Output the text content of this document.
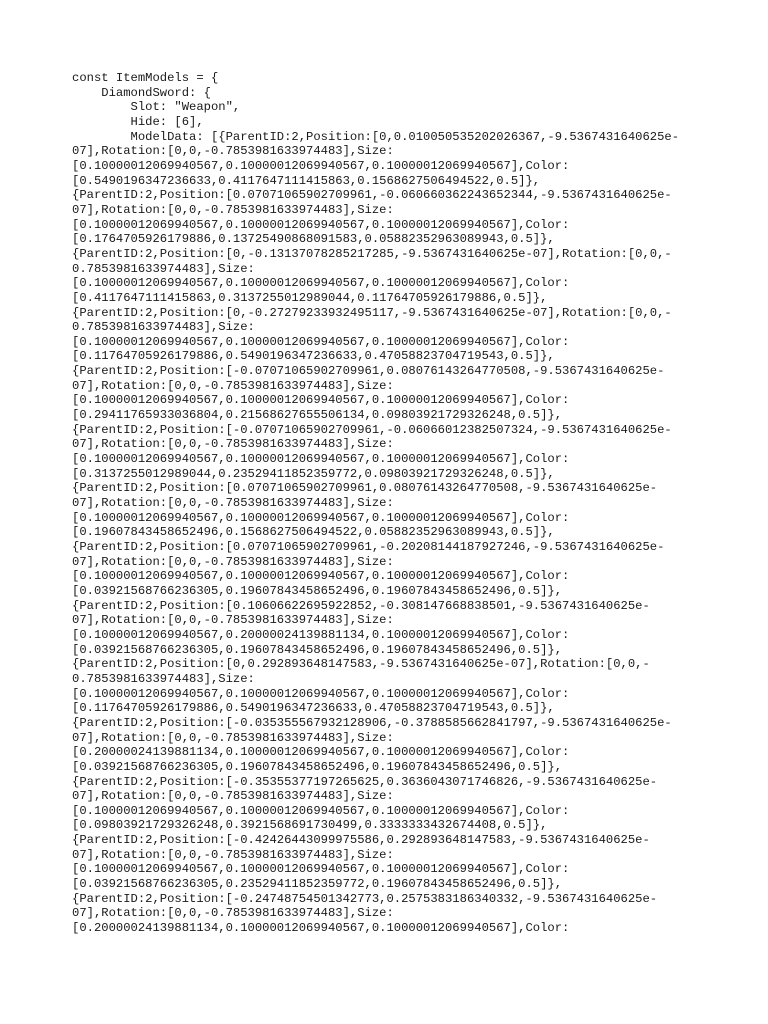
const ItemModels = {
DiamondSword: {
Slot: "Weapon",
Hide: [6],
ModelData: [{ParentID:2,Position:[0,0.010050535202026367,-9.5367431640625e-
07],Rotation:[0,0,-0.7853981633974483],Size:
[0.10000012069940567,0.10000012069940567,0.10000012069940567],Color:
[0.5490196347236633,0.4117647111415863,0.1568627506494522,0.5]},
{ParentID:2,Position:[0.07071065902709961,-0.060660362243652344,-9.5367431640625e-
07],Rotation:[0,0,-0.7853981633974483],Size:
[0.10000012069940567,0.10000012069940567,0.10000012069940567],Color:
[0.1764705926179886,0.13725490868091583,0.05882352963089943,0.5]},
{ParentID:2,Position:[0,-0.13137078285217285,-9.5367431640625e-07],Rotation:[0,0,-
0.7853981633974483],Size:
[0.10000012069940567,0.10000012069940567,0.10000012069940567],Color:
[0.4117647111415863,0.3137255012989044,0.11764705926179886,0.5]},
{ParentID:2,Position:[0,-0.27279233932495117,-9.5367431640625e-07],Rotation:[0,0,-
0.7853981633974483],Size:
[0.10000012069940567,0.10000012069940567,0.10000012069940567],Color:
[0.11764705926179886,0.5490196347236633,0.47058823704719543,0.5]},
{ParentID:2,Position:[-0.07071065902709961,0.08076143264770508,-9.5367431640625e-
07],Rotation:[0,0,-0.7853981633974483],Size:
[0.10000012069940567,0.10000012069940567,0.10000012069940567],Color:
[0.29411765933036804,0.21568627655506134,0.09803921729326248,0.5]},
{ParentID:2,Position:[-0.07071065902709961,-0.06066012382507324,-9.5367431640625e-
07],Rotation:[0,0,-0.7853981633974483],Size:
[0.10000012069940567,0.10000012069940567,0.10000012069940567],Color:
[0.3137255012989044,0.23529411852359772,0.09803921729326248,0.5]},
{ParentID:2,Position:[0.07071065902709961,0.08076143264770508,-9.5367431640625e-
07],Rotation:[0,0,-0.7853981633974483],Size:
[0.10000012069940567,0.10000012069940567,0.10000012069940567],Color:
[0.19607843458652496,0.1568627506494522,0.05882352963089943,0.5]},
{ParentID:2,Position:[0.07071065902709961,-0.20208144187927246,-9.5367431640625e-
07],Rotation:[0,0,-0.7853981633974483],Size:
[0.10000012069940567,0.10000012069940567,0.10000012069940567],Color:
[0.03921568766236305,0.19607843458652496,0.19607843458652496,0.5]},
{ParentID:2,Position:[0.10606622695922852,-0.308147668838501,-9.5367431640625e-
07],Rotation:[0,0,-0.7853981633974483],Size:
[0.10000012069940567,0.20000024139881134,0.10000012069940567],Color:
[0.03921568766236305,0.19607843458652496,0.19607843458652496,0.5]},
{ParentID:2,Position:[0,0.292893648147583,-9.5367431640625e-07],Rotation:[0,0,-
0.7853981633974483],Size:
[0.10000012069940567,0.10000012069940567,0.10000012069940567],Color:
[0.11764705926179886,0.5490196347236633,0.47058823704719543,0.5]},
{ParentID:2,Position:[-0.035355567932128906,-0.3788585662841797,-9.5367431640625e-
07],Rotation:[0,0,-0.7853981633974483],Size:
[0.20000024139881134,0.10000012069940567,0.10000012069940567],Color:
[0.03921568766236305,0.19607843458652496,0.19607843458652496,0.5]},
{ParentID:2,Position:[-0.35355377197265625,0.3636043071746826,-9.5367431640625e-
07],Rotation:[0,0,-0.7853981633974483],Size:
[0.10000012069940567,0.10000012069940567,0.10000012069940567],Color:
[0.09803921729326248,0.3921568691730499,0.3333333432674408,0.5]},
{ParentID:2,Position:[-0.42426443099975586,0.292893648147583,-9.5367431640625e-
07],Rotation:[0,0,-0.7853981633974483],Size:
[0.10000012069940567,0.10000012069940567,0.10000012069940567],Color:
[0.03921568766236305,0.23529411852359772,0.19607843458652496,0.5]},
{ParentID:2,Position:[-0.24748754501342773,0.2575383186340332,-9.5367431640625e-
07],Rotation:[0,0,-0.7853981633974483],Size:
[0.20000024139881134,0.10000012069940567,0.10000012069940567],Color:
